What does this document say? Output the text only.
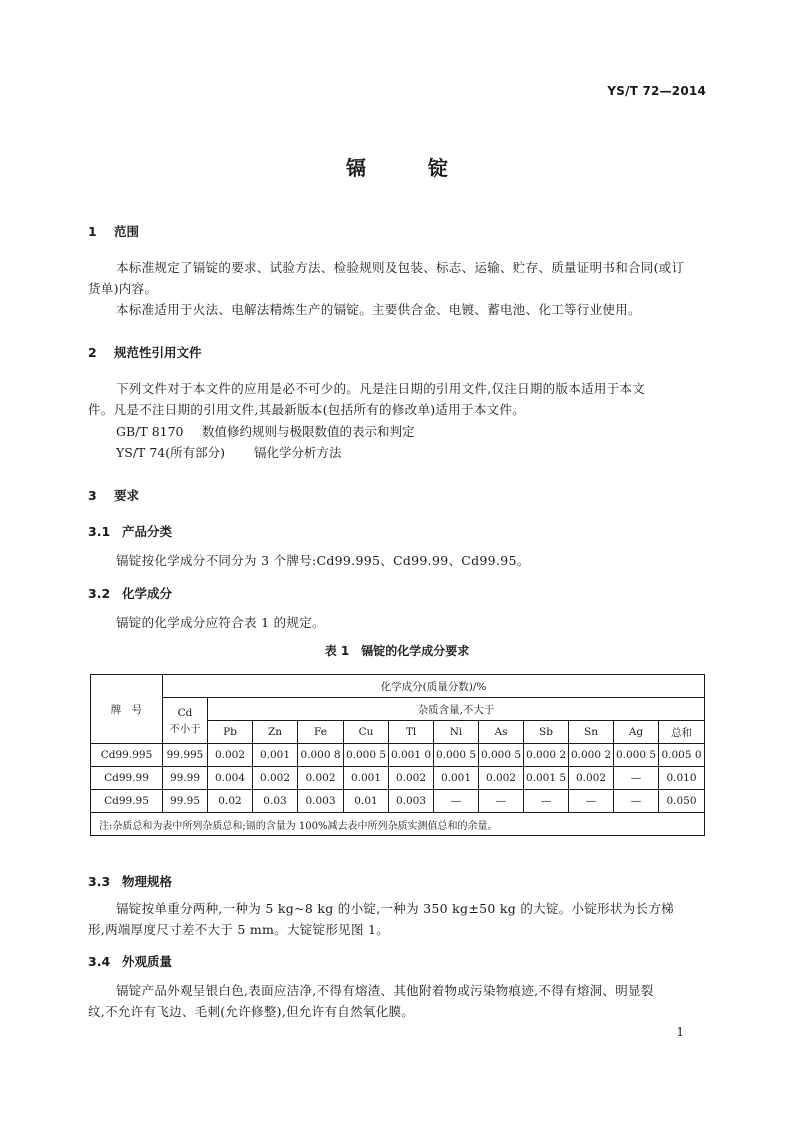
YS/T 72—2014
镉	锭
1 范围
本标准规定了镉锭的要求、试验方法、检验规则及包装、标志、运输、贮存、质量证明书和合同(或订
货单)内容。
本标准适用于火法、电解法精炼生产的镉锭。主要供合金、电镀、蓄电池、化工等行业使用。
2 规范性引用文件
下列文件对于本文件的应用是必不可少的。凡是注日期的引用文件,仅注日期的版本适用于本文
件。凡是不注日期的引用文件,其最新版本(包括所有的修改单)适用于本文件。
GB/T 8170 数值修约规则与极限数值的表示和判定
YS/T 74(所有部分) 镉化学分析方法
3 要求
3.1 产品分类
镉锭按化学成分不同分为 3 个牌号:Cd99.995、Cd99.99、Cd99.95。
3.2 化学成分
镉锭的化学成分应符合表 1 的规定。
表 1　镉锭的化学成分要求
牌　号	化学成分(质量分数)/%											
	Cd
不小于	杂质含量,不大于										
		Pb	Zn	Fe	Cu	Tl	Ni	As	Sb	Sn	Ag	总和
Cd99.995	99.995	0.002	0.001	0.000 8	0.000 5	0.001 0	0.000 5	0.000 5	0.000 2	0.000 2	0.000 5	0.005 0
Cd99.99	99.99	0.004	0.002	0.002	0.001	0.002	0.001	0.002	0.001 5	0.002	—	0.010
Cd99.95	99.95	0.02	0.03	0.003	0.01	0.003	—	—	—	—	—	0.050
注:杂质总和为表中所列杂质总和;镉的含量为 100%减去表中所列杂质实测值总和的余量。												
3.3 物理规格
镉锭按单重分两种,一种为 5 kg~8 kg 的小锭,一种为 350 kg±50 kg 的大锭。小锭形状为长方梯
形,两端厚度尺寸差不大于 5 mm。大锭锭形见图 1。
3.4 外观质量
镉锭产品外观呈银白色,表面应洁净,不得有熔渣、其他附着物或污染物痕迹,不得有熔洞、明显裂
纹,不允许有飞边、毛刺(允许修整),但允许有自然氧化膜。
1
